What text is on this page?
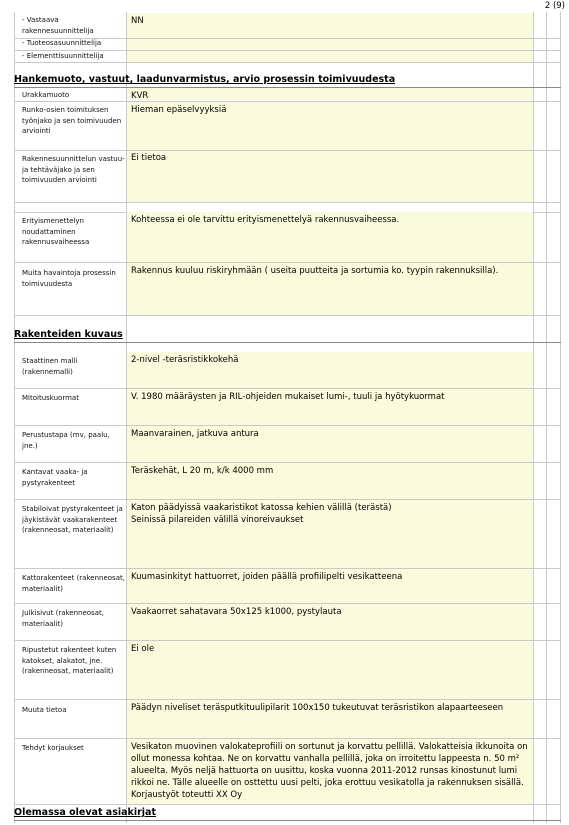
2 (9)
NN
- Vastaava rakennesuunnittelija
- Tuoteosasuunnittelija
- Elementtisuunnittelija
Hankemuoto, vastuut, laadunvarmistus, arvio prosessin toimivuudesta
KVR
Urakkamuoto
Hieman epäselvyyksiä
Runko-osien toimituksen työnjako ja sen toimivuuden arviointi
Ei tietoa
Rakennesuunnittelun vastuu- ja tehtäväjako ja sen toimivuuden arviointi
Kohteessa ei ole tarvittu erityismenettelyä rakennusvaiheessa.
Erityismenettelyn noudattaminen rakennusvaiheessa
Rakennus kuuluu riskiryhmään ( useita puutteita ja sortumia ko. tyypin rakennuksilla).
Muita havaintoja prosessin toimivuudesta
Rakenteiden kuvaus
2-nivel -teräsristikkokehä
Staattinen malli (rakennemalli)
V. 1980 määräysten ja RIL-ohjeiden mukaiset lumi-, tuuli ja hyötykuormat
Mitoituskuormat
Maanvarainen, jatkuva antura
Perustustapa (mv, paalu, jne.)
Teräskehät, L 20 m, k/k 4000 mm
Kantavat vaaka- ja pystyrakenteet
Katon päädyissä vaakaristikot katossa kehien välillä (terästä)
Seinissä pilareiden välillä vinoreivaukset
Stabiloivat pystyrakenteet ja jäykistävät vaakarakenteet (rakenneosat, materiaalit)
Kuumasinkityt hattuorret, joiden päällä profiilipelti vesikatteena
Kattorakenteet (rakenneosat, materiaalit)
Vaakaorret sahatavara 50x125 k1000, pystylauta
Julkisivut (rakenneosat, materiaalit)
Ei ole
Ripustetut rakenteet kuten katokset, alakatot, jne. (rakenneosat, materiaalit)
Päädyn niveliset teräsputkituulipilarit 100x150 tukeutuvat teräsristikon alapaarteeseen
Muuta tietoa
Vesikaton muovinen valokateprofiili on sortunut ja korvattu pellillä. Valokatteisia ikkunoita on ollut monessa kohtaa. Ne on korvattu vanhalla pellillä, joka on irroitettu lappeesta n. 50 m² alueelta. Myös neljä hattuorta on uusittu, koska vuonna 2011-2012 runsas kinostunut lumi rikkoi ne. Tälle alueelle on osttettu uusi pelti, joka erottuu vesikatolla ja rakennuksen sisällä. Korjaustyöt toteutti XX Oy
Tehdyt korjaukset
Olemassa olevat asiakirjat
